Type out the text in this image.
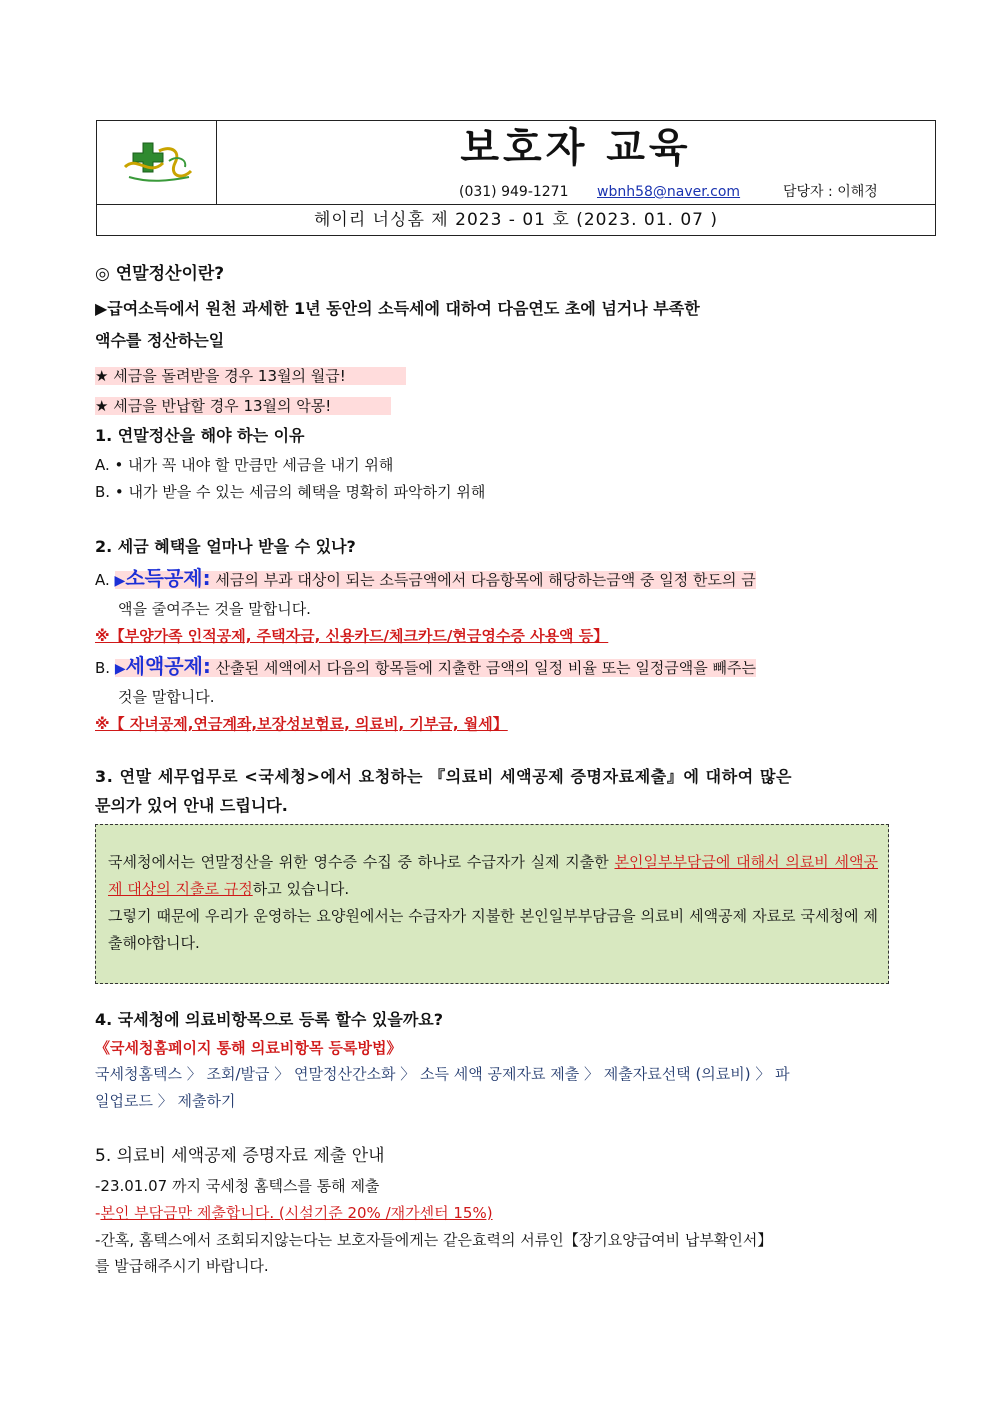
보호자 교육
(031) 949-1271 wbnh58@naver.com	담당자 : 이해정
헤이리 너싱홈 제 2023 - 01 호 (2023. 01. 07 )
◎ 연말정산이란?
▶급여소득에서 원천 과세한 1년 동안의 소득세에 대하여 다음연도 초에 넘거나 부족한
액수를 정산하는일
★ 세금을 돌려받을 경우 13월의 월급!
★ 세금을 반납할 경우 13월의 악몽!
1. 연말정산을 해야 하는 이유
A. • 내가 꼭 내야 할 만큼만 세금을 내기 위해
B. • 내가 받을 수 있는 세금의 혜택을 명확히 파악하기 위해
2. 세금 혜택을 얼마나 받을 수 있나?
A. ▶소득공제: 세금의 부과 대상이 되는 소득금액에서 다음항목에 해당하는금액 중 일정 한도의 금
액을 줄여주는 것을 말합니다.
※【부양가족 인적공제, 주택자금, 신용카드/체크카드/현금영수증 사용액 등】
B. ▶세액공제: 산출된 세액에서 다음의 항목들에 지출한 금액의 일정 비율 또는 일정금액을 빼주는
것을 말합니다.
※【 자녀공제,연금계좌,보장성보험료, 의료비, 기부금, 월세】
3. 연말 세무업무로 <국세청>에서 요청하는 『의료비 세액공제 증명자료제출』에 대하여 많은
문의가 있어 안내 드립니다.

국세청에서는 연말정산을 위한 영수증 수집 중 하나로 수급자가 실제 지출한 본인일부부담금에 대해서 의료비 세액공제 대상의 지출로 규정하고 있습니다.

그렇기 때문에 우리가 운영하는 요양원에서는 수급자가 지불한 본인일부부담금을 의료비 세액공제 자료로 국세청에 제출해야합니다.

4. 국세청에 의료비항목으로 등록 할수 있을까요?
《국세청홈페이지 통해 의료비항목 등록방법》
국세청홈텍스 〉 조회/발급 〉 연말정산간소화 〉 소득 세액 공제자료 제출 〉 제출자료선택 (의료비) 〉 파
일업로드 〉 제출하기
5. 의료비 세액공제 증명자료 제출 안내
-23.01.07 까지 국세청 홈텍스를 통해 제출
-본인 부담금만 제출합니다. (시설기준 20% /재가센터 15%)
-간혹, 홈텍스에서 조회되지않는다는 보호자들에게는 같은효력의 서류인【장기요양급여비 납부확인서】
를 발급해주시기 바랍니다.
